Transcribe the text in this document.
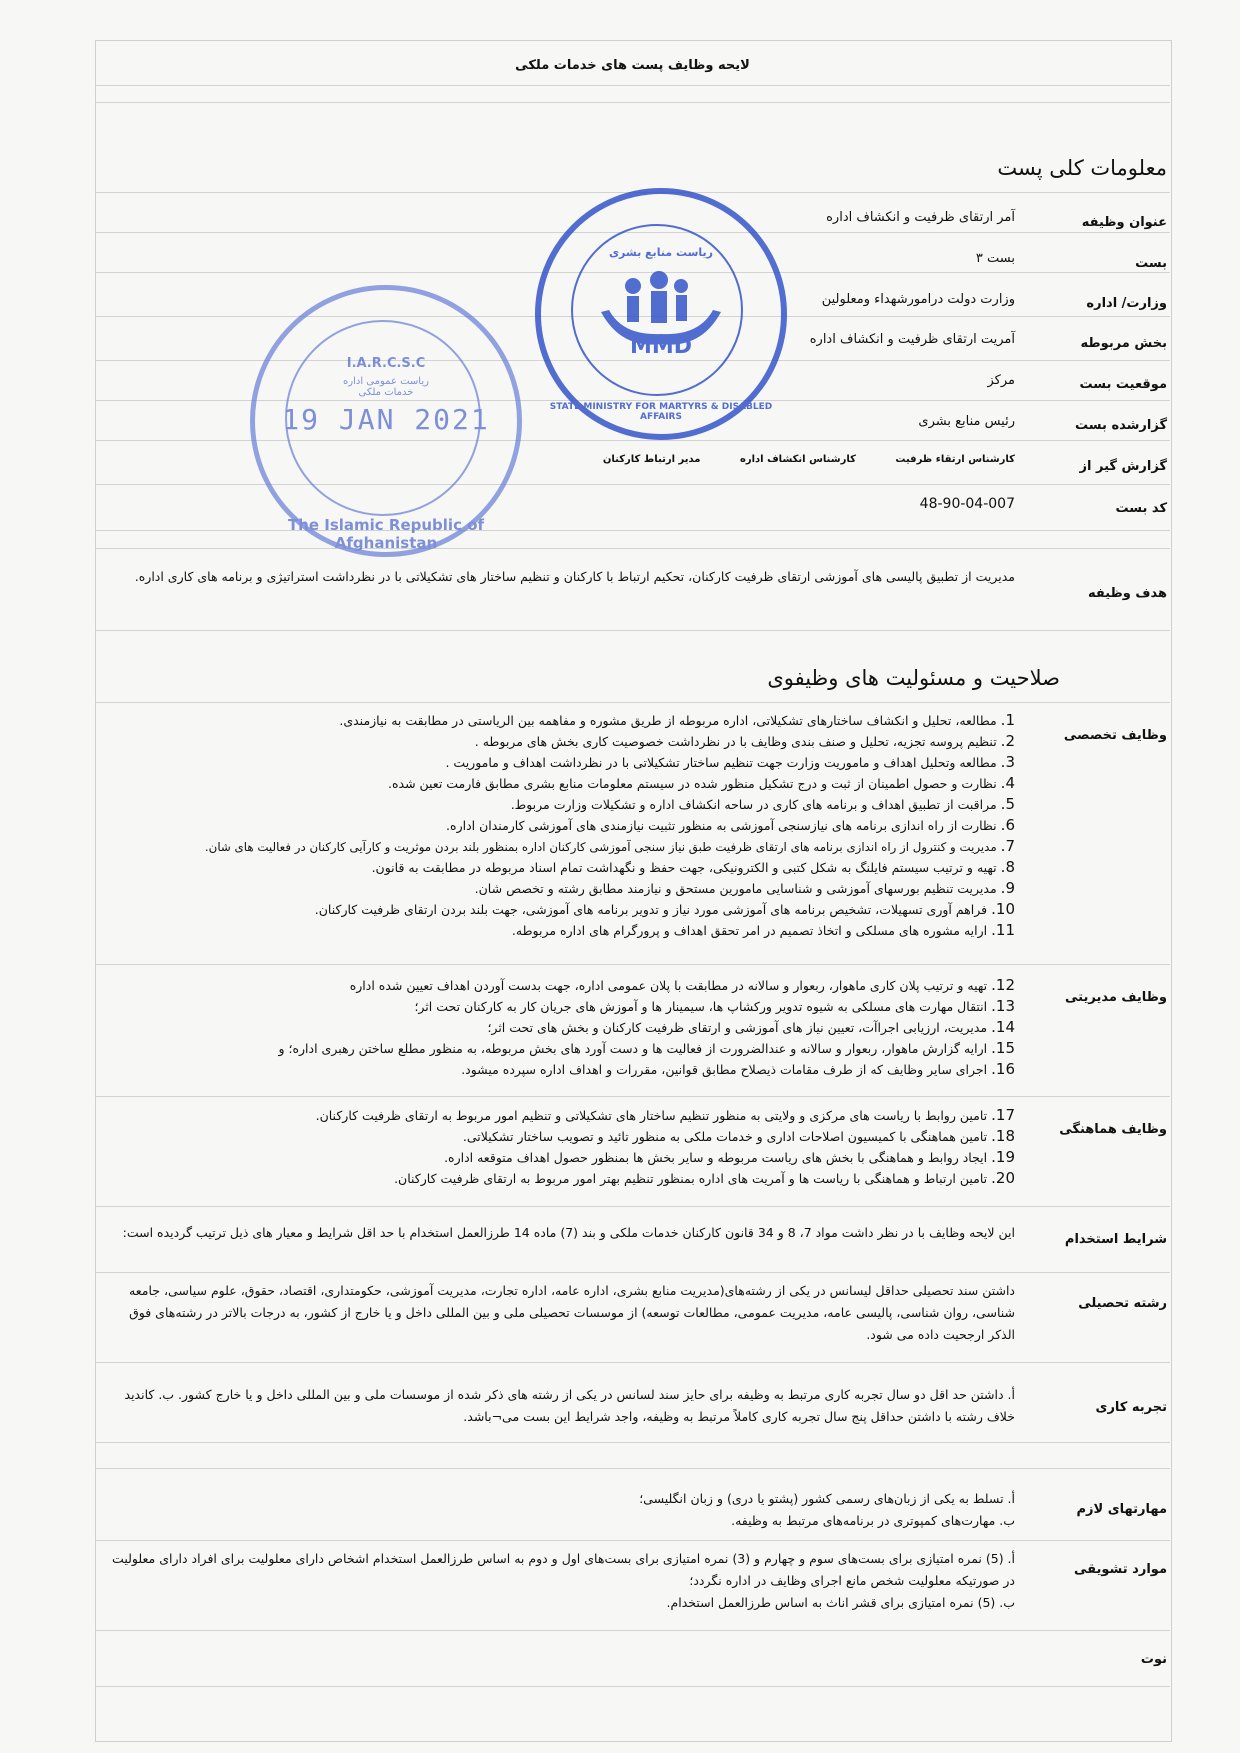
لایحه وظایف پست های خدمات ملکی
معلومات کلی پست
عنوان وظیفه
آمر ارتقای ظرفیت و انکشاف اداره
بست
بست ۳
وزارت/ اداره
وزارت دولت درامورشهداء ومعلولین
بخش مربوطه
آمریت ارتقای ظرفیت و انکشاف اداره
موقعیت بست
مرکز
گزارشده بست
رئیس منابع بشری
گزارش گیر از
کارشناس ارتقاء ظرفیت کارشناس انکشاف اداره مدیر ارتباط کارکنان
کد بست
48-90-04-007
هدف وظیفه
مدیریت از تطبیق پالیسی های آموزشی ارتقای ظرفیت کارکنان، تحکیم ارتباط با کارکنان و تنظیم ساختار های تشکیلاتی با در نظرداشت استراتیژی و برنامه های کاری اداره.
صلاحیت و مسئولیت های وظیفوی
وظایف تخصصی
1.مطالعه، تحلیل و انکشاف ساختارهای تشکیلاتی، اداره مربوطه از طریق مشوره و مفاهمه بین الریاستی در مطابقت به نیازمندی.
2.تنظیم پروسه تجزیه، تحلیل و صنف بندی وظایف با در نظرداشت خصوصیت کاری بخش های مربوطه .
3.مطالعه وتحلیل اهداف و ماموریت وزارت جهت تنظیم ساختار تشکیلاتی با در نظرداشت اهداف و ماموریت .
4.نظارت و حصول اطمینان از ثبت و درج تشکیل منظور شده در سیستم معلومات منابع بشری مطابق فارمت تعین شده.
5.مراقبت از تطبیق اهداف و برنامه های کاری در ساحه انکشاف اداره و تشکیلات وزارت مربوط.
6.نظارت از راه اندازی برنامه های نیازسنجی آموزشی به منظور تثبیت نیازمندی های آموزشی کارمندان اداره.
7.مدیریت و کنترول از راه اندازی برنامه های ارتقای ظرفیت طبق نیاز سنجی آموزشی کارکنان اداره بمنظور بلند بردن موثریت و کارآیی کارکنان در فعالیت های شان.
8.تهیه و ترتیب سیستم فایلنگ به شکل کتبی و الکترونیکی، جهت حفظ و نگهداشت تمام اسناد مربوطه در مطابقت به قانون.
9.مدیریت تنظیم بورسهای آموزشی و شناسایی مامورین مستحق و نیازمند مطابق رشته و تخصص شان.
10.فراهم آوری تسهیلات، تشخیص برنامه های آموزشی مورد نیاز و تدویر برنامه های آموزشی، جهت بلند بردن ارتقای ظرفیت کارکنان.
11.ارایه مشوره های مسلکی و اتخاذ تصمیم در امر تحقق اهداف و پرورگرام های اداره مربوطه.
وظایف مدیریتی
12.تهیه و ترتیب پلان کاری ماهوار، ربعوار و سالانه در مطابقت با پلان عمومی اداره، جهت بدست آوردن اهداف تعیین شده اداره
13.انتقال مهارت های مسلکی به شیوه تدویر ورکشاپ ها، سیمینار ها و آموزش های جریان کار به کارکنان تحت اثر؛
14.مدیریت، ارزیابی اجراآت، تعیین نیاز های آموزشی و ارتقای ظرفیت کارکنان و بخش های تحت اثر؛
15.ارایه گزارش ماهوار، ربعوار و سالانه و عندالضرورت از فعالیت ها و دست آورد های بخش مربوطه، به منظور مطلع ساختن رهبری اداره؛ و
16.اجرای سایر وظایف که از طرف مقامات ذیصلاح مطابق قوانین، مقررات و اهداف اداره سپرده میشود.
وظایف هماهنگی
17.تامین روابط با ریاست های مرکزی و ولایتی به منظور تنظیم ساختار های تشکیلاتی و تنظیم امور مربوط به ارتقای ظرفیت کارکنان.
18.تامین هماهنگی با کمیسیون اصلاحات اداری و خدمات ملکی به منظور تائید و تصویب ساختار تشکیلاتی.
19.ایجاد روابط و هماهنگی با بخش های ریاست مربوطه و سایر بخش ها بمنظور حصول اهداف متوقعه اداره.
20.تامین ارتباط و هماهنگی با ریاست ها و آمریت های اداره بمنظور تنظیم بهتر امور مربوط به ارتقای ظرفیت کارکنان.
شرایط استخدام
این لایحه وظایف با در نظر داشت مواد 7، 8 و 34 قانون کارکنان خدمات ملکی و بند (7) ماده 14 طرزالعمل استخدام با حد اقل شرایط و معیار های ذیل ترتیب گردیده است:
رشته تحصیلی
داشتن سند تحصیلی حداقل لیسانس در یکی از رشته‌های(مدیریت منابع بشری، اداره عامه، اداره تجارت، مدیریت آموزشی، حکومتداری، اقتصاد، حقوق، علوم سیاسی، جامعه شناسی، روان شناسی، پالیسی عامه، مدیریت عمومی، مطالعات توسعه) از موسسات تحصیلی ملی و بین المللی داخل و یا خارج از کشور، به درجات بالاتر در رشته‌های فوق الذکر ارجحیت داده می شود.
تجربه کاری
أ. داشتن حد اقل دو سال تجربه کاری مرتبط به وظیفه برای حایز سند لسانس در یکی از رشته های ذکر شده از موسسات ملی و بین المللی داخل و یا خارج کشور. ب. کاندید خلاف رشته با داشتن حداقل پنج سال تجربه کاری کاملاً مرتبط به وظیفه، واجد شرایط این بست می¬باشد.
مهارتهای لازم
أ. تسلط به یکی از زبان‌های رسمی کشور (پشتو یا دری) و زبان انگلیسی؛
ب. مهارت‌های کمپوتری در برنامه‌های مرتبط به وظیفه.
موارد تشویقی
أ. (5) نمره امتیازی برای بست‌های سوم و چهارم و (3) نمره امتیازی برای بست‌های اول و دوم به اساس طرزالعمل استخدام اشخاص دارای معلولیت برای افراد دارای معلولیت در صورتیکه معلولیت شخص مانع اجرای وظایف در اداره نگردد؛
ب. (5) نمره امتیازی برای قشر اناث به اساس طرزالعمل استخدام.
نوت
I.A.R.C.S.C
ریاست عمومی اداره
خدمات ملکی
19 JAN 2021
The Islamic Republic of Afghanistan
ریاست منابع بشری
MMD
STATE MINISTRY FOR MARTYRS & DISABLED AFFAIRS
